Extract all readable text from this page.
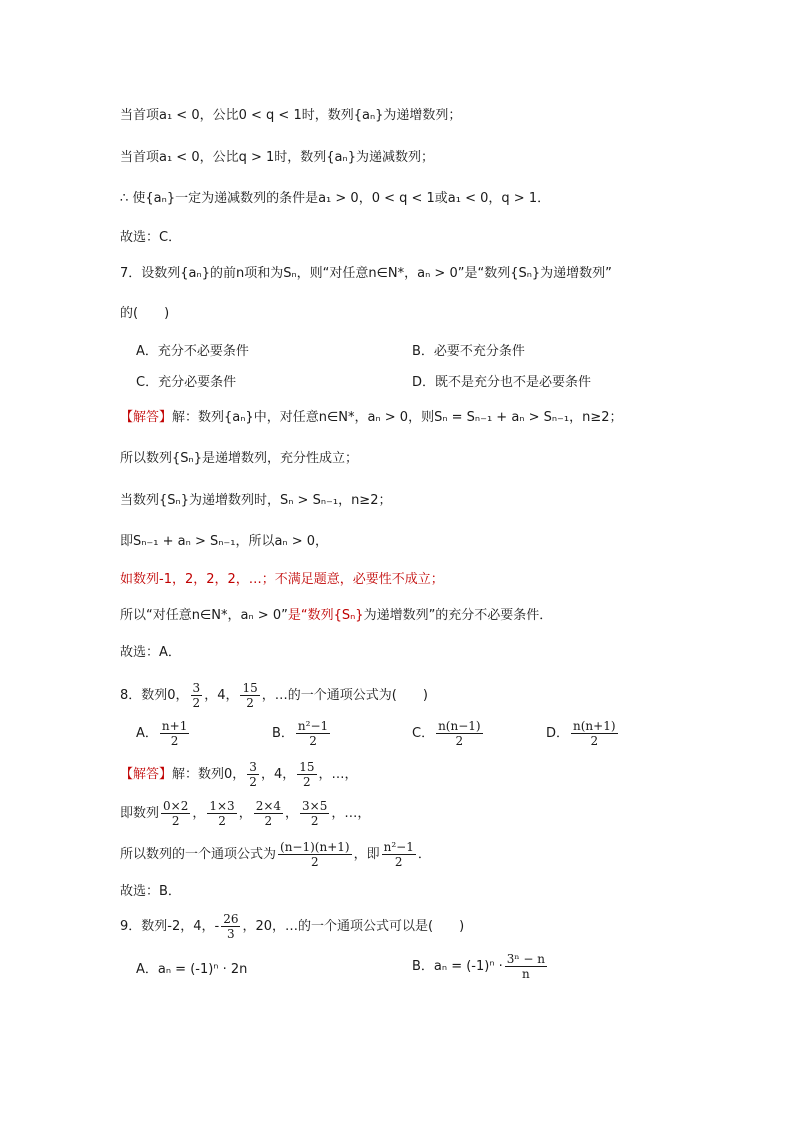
当首项a₁ < 0，公比0 < q < 1时，数列{aₙ}为递增数列；
当首项a₁ < 0，公比q > 1时，数列{aₙ}为递减数列；
∴ 使{aₙ}一定为递减数列的条件是a₁ > 0，0 < q < 1或a₁ < 0，q > 1．
故选：C．
7．设数列{aₙ}的前n项和为Sₙ，则“对任意n∈N*，aₙ > 0”是“数列{Sₙ}为递增数列”
的(　　)
A．充分不必要条件	B．必要不充分条件
C．充分必要条件	D．既不是充分也不是必要条件
【解答】解：数列{aₙ}中，对任意n∈N*，aₙ > 0，则Sₙ = Sₙ₋₁ + aₙ > Sₙ₋₁，n≥2；
所以数列{Sₙ}是递增数列，充分性成立；
当数列{Sₙ}为递增数列时，Sₙ > Sₙ₋₁，n≥2；
即Sₙ₋₁ + aₙ > Sₙ₋₁，所以aₙ > 0，
如数列-1，2，2，2，…；不满足题意，必要性不成立；
所以“对任意n∈N*，aₙ > 0”是“数列{Sₙ}为递增数列”的充分不必要条件．
故选：A．
8．数列0， $\frac{3}{2}$ ，4， $\frac{15}{2}$ ，…的一个通项公式为(　　)
A． $\frac{n+1}{2}$	B． $\frac{\text{n²−1}}{2}$	C． $\frac{n(n-1)}{2}$	D． $\frac{n(n+1)}{2}$
【解答】解：数列0， $\frac{3}{2}$ ，4， $\frac{15}{2}$ ，…，
即数列 $\frac{0\times 2}{2}$ ， $\frac{1\times 3}{2}$ ， $\frac{2\times 4}{2}$ ， $\frac{3\times 5}{2}$ ，…，
所以数列的一个通项公式为 $\frac{(n-1)(n+1)}{2}$ ，即 $\frac{\text{n²−1}}{2}$ ．
故选：B．
9．数列-2，4，- $\frac{26}{3}$ ，20，…的一个通项公式可以是(　　)
A．aₙ = (-1)ⁿ · 2n	B．$a_n = (-1)^n \cdot \frac{\text{3ⁿ − n}}{n}$
